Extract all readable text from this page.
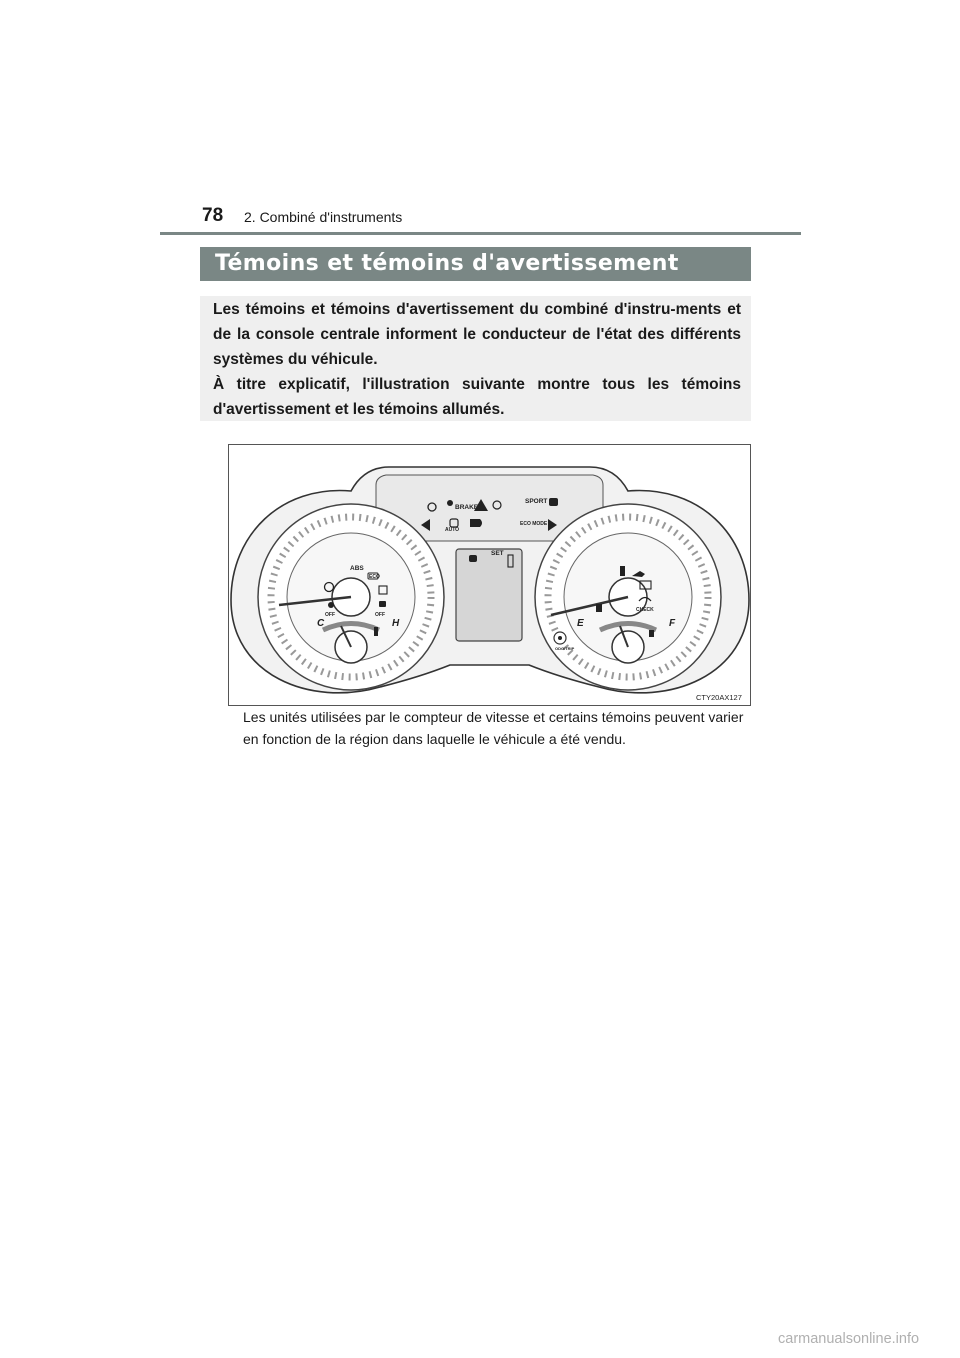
78 2. Combiné d'instruments
Témoins et témoins d'avertissement

Les témoins et témoins d'avertissement du combiné d'instru-ments et de la console centrale informent le conducteur de l'état des différents systèmes du véhicule.

À titre explicatif, l'illustration suivante montre tous les témoins d'avertissement et les témoins allumés.

BRAKE
SPORT
ECO MODE
AUTO
SET
ABS
ECO
OFF	OFF
CHECK
ODO/TRIP
C	H	E	F
CTY20AX127
Les unités utilisées par le compteur de vitesse et certains témoins peuvent varier en fonction de la région dans laquelle le véhicule a été vendu.
carmanualsonline.info
